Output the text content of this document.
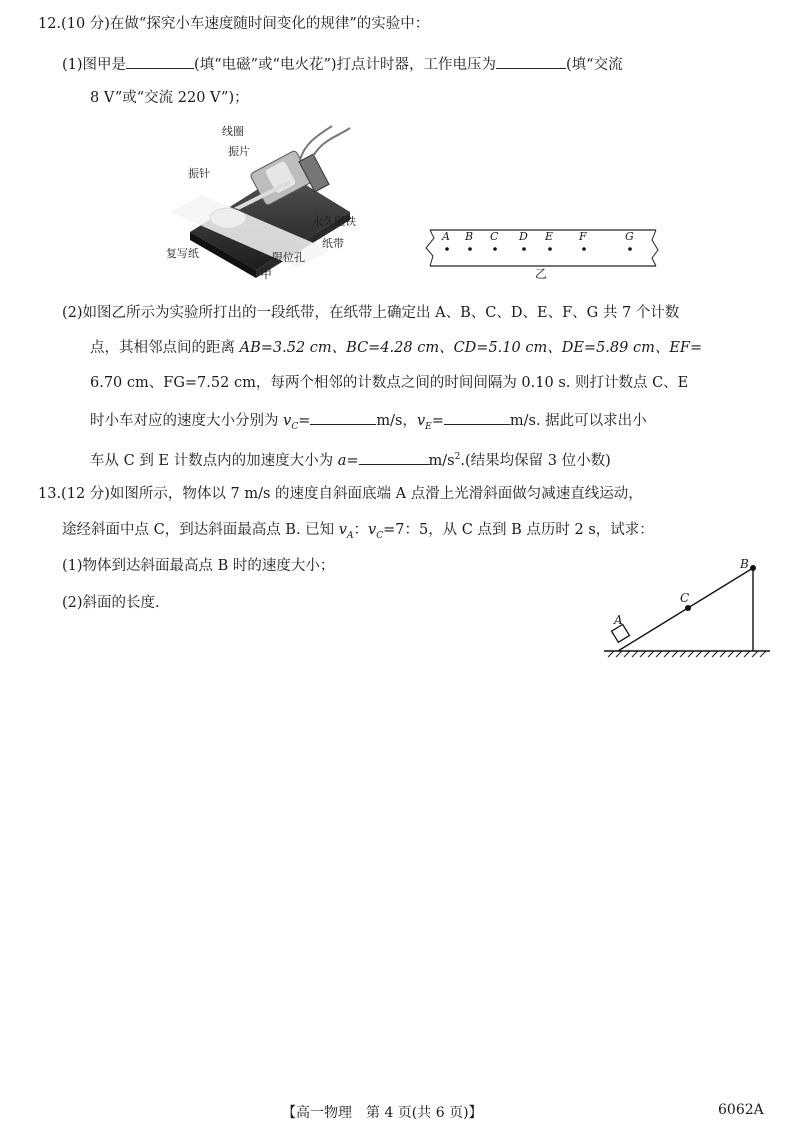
12.(10 分)在做“探究小车速度随时间变化的规律”的实验中：
(1)图甲是	(填“电磁”或“电火花”)打点计时器，工作电压为	(填“交流
8 V”或“交流 220 V”)；
线圈
振片
振针
永久磁铁
纸带
复写纸	限位孔
甲
A B C D E F	G
乙
(2)如图乙所示为实验所打出的一段纸带，在纸带上确定出 A、B、C、D、E、F、G 共 7 个计数
点，其相邻点间的距离 AB=3.52 cm、BC=4.28 cm、CD=5.10 cm、DE=5.89 cm、EF=
6.70 cm、FG=7.52 cm，每两个相邻的计数点之间的时间间隔为 0.10 s. 则打计数点 C、E
时小车对应的速度大小分别为 $v_C=$	m/s，$v_E=$	m/s. 据此可以求出小
车从 C 到 E 计数点内的加速度大小为 a=	$m/s^2$.(结果均保留 3 位小数)
13.(12 分)如图所示，物体以 7 m/s 的速度自斜面底端 A 点滑上光滑斜面做匀减速直线运动，
途经斜面中点 C，到达斜面最高点 B. 已知 $v_A$：$v_C=7$：5，从 C 点到 B 点历时 2 s，试求：
(1)物体到达斜面最高点 B 时的速度大小；
(2)斜面的长度.
A
C
B
【高一物理　第 4 页(共 6 页)】	6062A
